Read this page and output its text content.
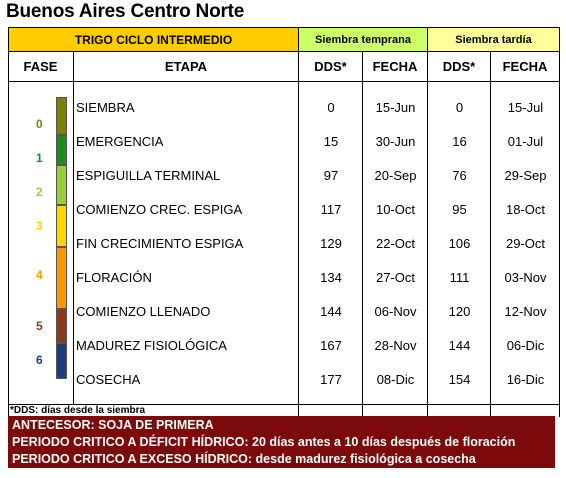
Buenos Aires Centro Norte
TRIGO CICLO INTERMEDIO	Siembra temprana	Siembra tardía
FASE	ETAPA	DDS*	FECHA	DDS*	FECHA
0
1
2
3
4
5
6
SIEMBRA	0	15-Jun	0	15-Jul
EMERGENCIA	15	30-Jun	16	01-Jul
ESPIGUILLA TERMINAL	97	20-Sep	76	29-Sep
COMIENZO CREC. ESPIGA	117	10-Oct	95	18-Oct
FIN CRECIMIENTO ESPIGA	129	22-Oct	106	29-Oct
FLORACIÓN	134	27-Oct	111	03-Nov
COMIENZO LLENADO	144	06-Nov	120	12-Nov
MADUREZ FISIOLÓGICA	167	28-Nov	144	06-Dic
COSECHA	177	08-Dic	154	16-Dic
*DDS: días desde la siembra
ANTECESOR: SOJA DE PRIMERA
PERIODO CRITICO A DÉFICIT HÍDRICO: 20 días antes a 10 días después de floración
PERIODO CRITICO A EXCESO HÍDRICO: desde madurez fisiológica a cosecha
